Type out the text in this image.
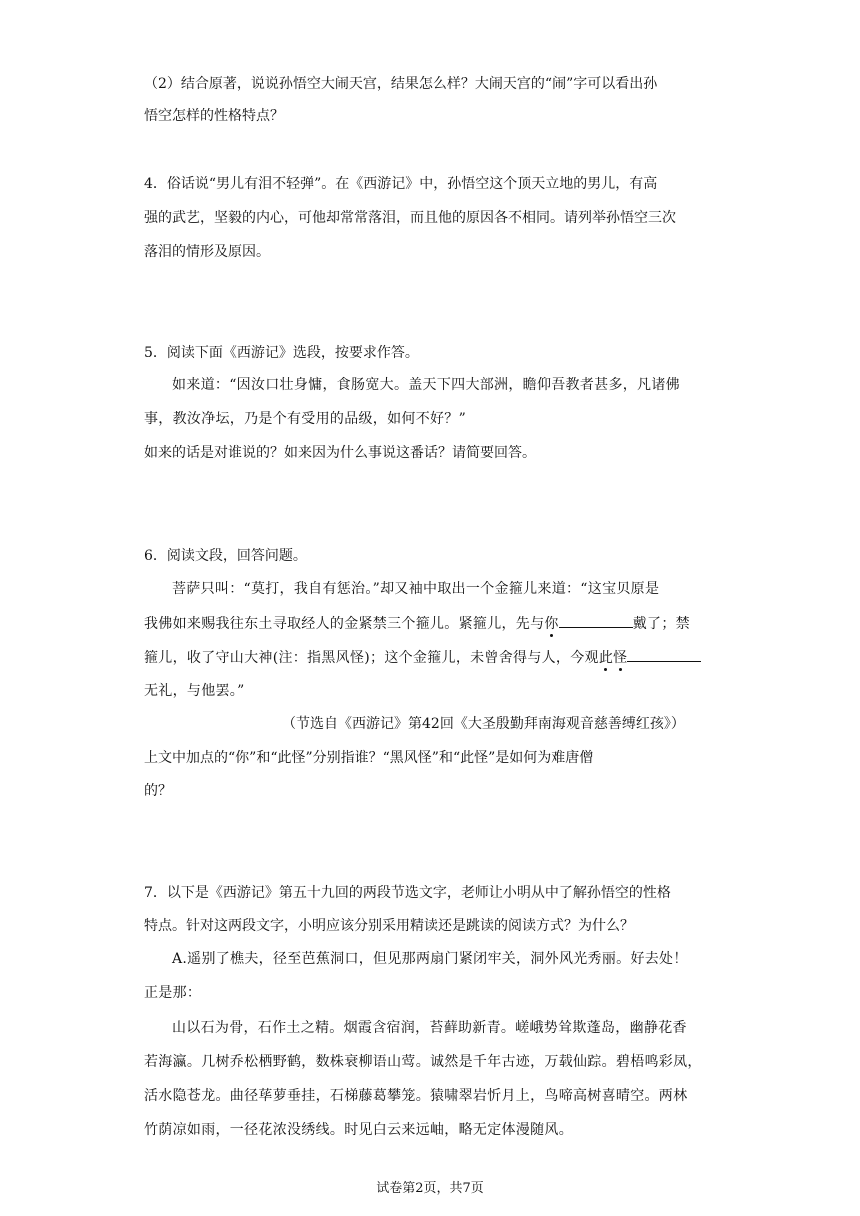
（2）结合原著，说说孙悟空大闹天宫，结果怎么样？大闹天宫的“闹”字可以看出孙
悟空怎样的性格特点？
4．俗话说“男儿有泪不轻弹”。在《西游记》中，孙悟空这个顶天立地的男儿，有高
强的武艺，坚毅的内心，可他却常常落泪，而且他的原因各不相同。请列举孙悟空三次
落泪的情形及原因。
5．阅读下面《西游记》选段，按要求作答。
如来道：“因汝口壮身慵，食肠宽大。盖天下四大部洲，瞻仰吾教者甚多，凡诸佛
事，教汝净坛，乃是个有受用的品级，如何不好？”
如来的话是对谁说的？如来因为什么事说这番话？请简要回答。
6．阅读文段，回答问题。
菩萨只叫：“莫打，我自有惩治。”却又袖中取出一个金箍儿来道：“这宝贝原是
我佛如来赐我往东土寻取经人的金紧禁三个箍儿。紧箍儿，先与你	戴了；禁
箍儿，收了守山大神(注：指黑风怪)；这个金箍儿，未曾舍得与人，今观此怪
无礼，与他罢。”
（节选自《西游记》第42回《大圣殷勤拜南海观音慈善缚红孩》）
上文中加点的“你”和“此怪”分别指谁？“黑风怪”和“此怪”是如何为难唐僧
的？
7．以下是《西游记》第五十九回的两段节选文字，老师让小明从中了解孙悟空的性格
特点。针对这两段文字，小明应该分别采用精读还是跳读的阅读方式？为什么？
A.遥别了樵夫，径至芭蕉洞口，但见那两扇门紧闭牢关，洞外风光秀丽。好去处！
正是那：
山以石为骨，石作土之精。烟霞含宿润，苔藓助新青。嵯峨势耸欺蓬岛，幽静花香
若海瀛。几树乔松栖野鹤，数株衰柳语山莺。诚然是千年古迹，万载仙踪。碧梧鸣彩凤，
活水隐苍龙。曲径荜萝垂挂，石梯藤葛攀笼。猿啸翠岩忻月上，鸟啼高树喜晴空。两林
竹荫凉如雨，一径花浓没绣线。时见白云来远岫，略无定体漫随风。
试卷第2页，共7页
